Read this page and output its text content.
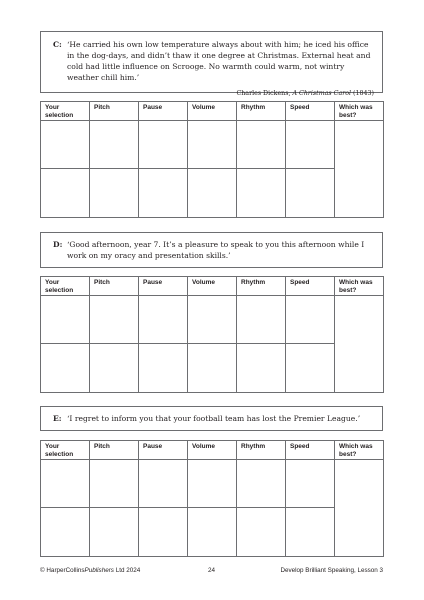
C: ‘He carried his own low temperature always about with him; he iced his office in the dog-days, and didn’t thaw it one degree at Christmas. External heat and cold had little influence on Scrooge. No warmth could warm, not wintry weather chill him.’
Charles Dickens, A Christmas Carol (1843)
Your selection	Pitch	Pause	Volume	Rhythm	Speed	Which was best?

D: ‘Good afternoon, year 7. It’s a pleasure to speak to you this afternoon while I work on my oracy and presentation skills.’
Your selection	Pitch	Pause	Volume	Rhythm	Speed	Which was best?

E: ‘I regret to inform you that your football team has lost the Premier League.’
Your selection	Pitch	Pause	Volume	Rhythm	Speed	Which was best?

© HarperCollinsPublishers Ltd 2024	24	Develop Brilliant Speaking, Lesson 3
